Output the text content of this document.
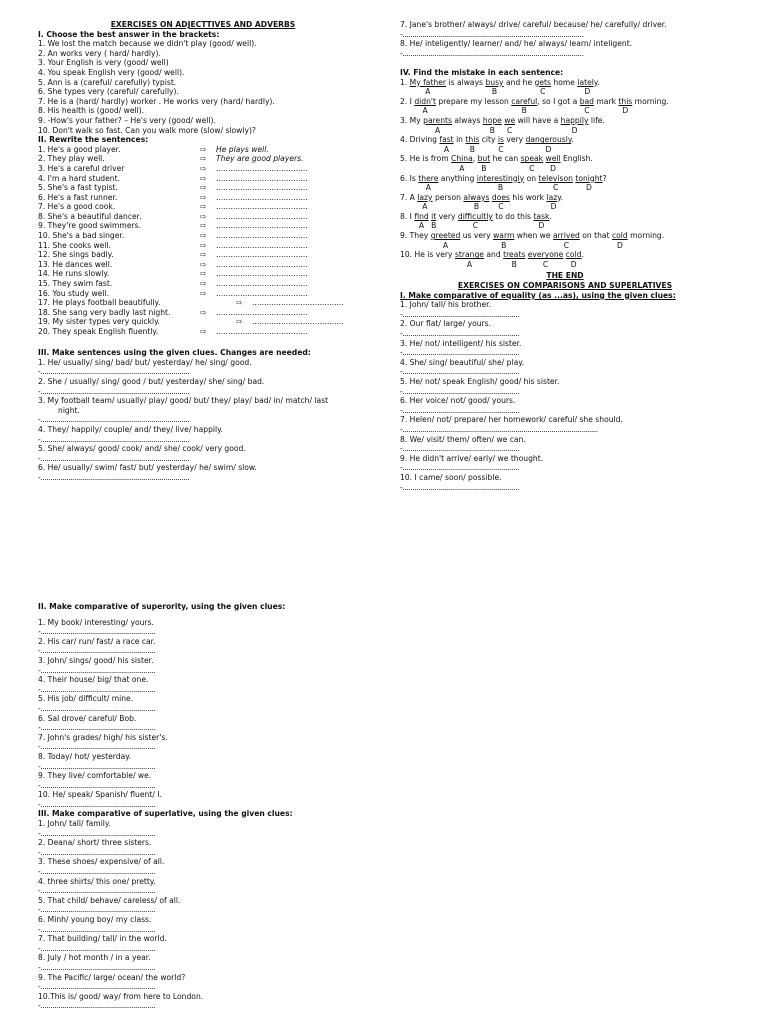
EXERCISES ON ADJECTTIVES AND ADVERBS
I. Choose the best answer in the brackets:
1. We lost the match because we didn't play (good/ well).
2. An works very ( hard/ hardly).
3. Your English is very (good/ well)
4. You speak English very (good/ well).
5. Ann is a (careful/ carefully) typist.
6. She types very (careful/ carefully).
7. He is a (hard/ hardly) worker . He works very (hard/ hardly).
8. His health is (good/ well).
9. -How's your father? – He's very (good/ well).
10. Don't walk so fast. Can you walk more (slow/ slowly)?
II. Rewrite the sentences:
1. He's a good player.	⇨	He plays well.
2. They play well.	⇨	They are good players.
3. He's a careful driver	⇨	......................................
4. I'm a hard student.	⇨	......................................
5. She's a fast typist.	⇨	......................................
6. He's a fast runner.	⇨	......................................
7. He's a good cook.	⇨	......................................
8. She's a beautiful dancer.	⇨	......................................
9. They're good swimmers.	⇨	......................................
10. She's a bad singer.	⇨	......................................
11. She cooks well.	⇨	......................................
12. She sings badly.	⇨	......................................
13. He dances well.	⇨	......................................
14. He runs slowly.	⇨	......................................
15. They swim fast.	⇨	......................................
16. You study well.	⇨	......................................
17. He plays football beautifully.	⇨	......................................
18. She sang very badly last night.	⇨	......................................
19. My sister types very quickly.	⇨	......................................
20. They speak English fluently.	⇨	......................................
III. Make sentences using the given clues. Changes are needed:
1. He/ usually/ sing/ bad/ but/ yesterday/ he/ sing/ good.
-..........................................................................
2. She / usually/ sing/ good / but/ yesterday/ she/ sing/ bad.
-..........................................................................
3. My football team/ usually/ play/ good/ but/ they/ play/ bad/ in/ match/ last
night.
-..........................................................................
4. They/ happily/ couple/ and/ they/ live/ happily.
-..........................................................................
5. She/ always/ good/ cook/ and/ she/ cook/ very good.
-..........................................................................
6. He/ usually/ swim/ fast/ but/ yesterday/ he/ swim/ slow.
-..........................................................................
7. Jane's brother/ always/ drive/ careful/ because/ he/ carefully/ driver.
-..........................................................................................
8. He/ inteligently/ learner/ and/ he/ always/ learn/ inteligent.
-..........................................................................................
IV. Find the mistake in each sentence:
1. My father is always busy and he gets home lately.
A	B	C	D
2. I didn't prepare my lesson careful, so I got a bad mark this morning.
A	B	C	D
3. My parents always hope we will have a happily life.
A	B C	D
4. Driving fast in this city is very dangerously.
A	B	C	D
5. He is from China, but he can speak well English.
A B	C D
6. Is there anything interestingly on televison tonight?
A	B	C	D
7. A lazy person always does his work lazy.
A	B	C	D
8. I find it very difficultly to do this task.
A B	C	D
9. They greeted us very warm when we arrived on that cold morning.
A	B	C	D
10. He is very strange and treats everyone cold.
A	B	C	D
THE END
EXERCISES ON COMPARISONS AND SUPERLATIVES
I. Make comparative of equality (as ...as), using the given clues:
1. John/ tall/ his brother.
-..........................................................
2. Our flat/ large/ yours.
-..........................................................
3. He/ not/ intelligent/ his sister.
-..........................................................
4. She/ sing/ beautiful/ she/ play.
-..........................................................
5. He/ not/ speak English/ good/ his sister.
-..........................................................
6. Her voice/ not/ good/ yours.
-..........................................................
7. Helen/ not/ prepare/ her homework/ careful/ she should.
-.................................................................................................
8. We/ visit/ them/ often/ we can.
-..........................................................
9. He didn't arrive/ early/ we thought.
-..........................................................
10. I came/ soon/ possible.
-..........................................................
II. Make comparative of superority, using the given clues:
1. My book/ interesting/ yours.
-.........................................................
2. His car/ run/ fast/ a race car.
-.........................................................
3. John/ sings/ good/ his sister.
-.........................................................
4. Their house/ big/ that one.
-.........................................................
5. His job/ difficult/ mine.
-.........................................................
6. Sal drove/ careful/ Bob.
-.........................................................
7. John's grades/ high/ his sister's.
-.........................................................
8. Today/ hot/ yesterday.
-.........................................................
9. They live/ comfortable/ we.
-.........................................................
10. He/ speak/ Spanish/ fluent/ I.
-.........................................................
III. Make comparative of superlative, using the given clues:
1. John/ tall/ family.
-.........................................................
2. Deana/ short/ three sisters.
-.........................................................
3. These shoes/ expensive/ of all.
-.........................................................
4. three shirts/ this one/ pretty.
-.........................................................
5. That child/ behave/ careless/ of all.
-.........................................................
6. Minh/ young boy/ my class.
-.........................................................
7. That building/ tall/ in the world.
-.........................................................
8. July / hot month / in a year.
-.........................................................
9. The Pacific/ large/ ocean/ the world?
-.........................................................
10.This is/ good/ way/ from here to London.
-.........................................................
